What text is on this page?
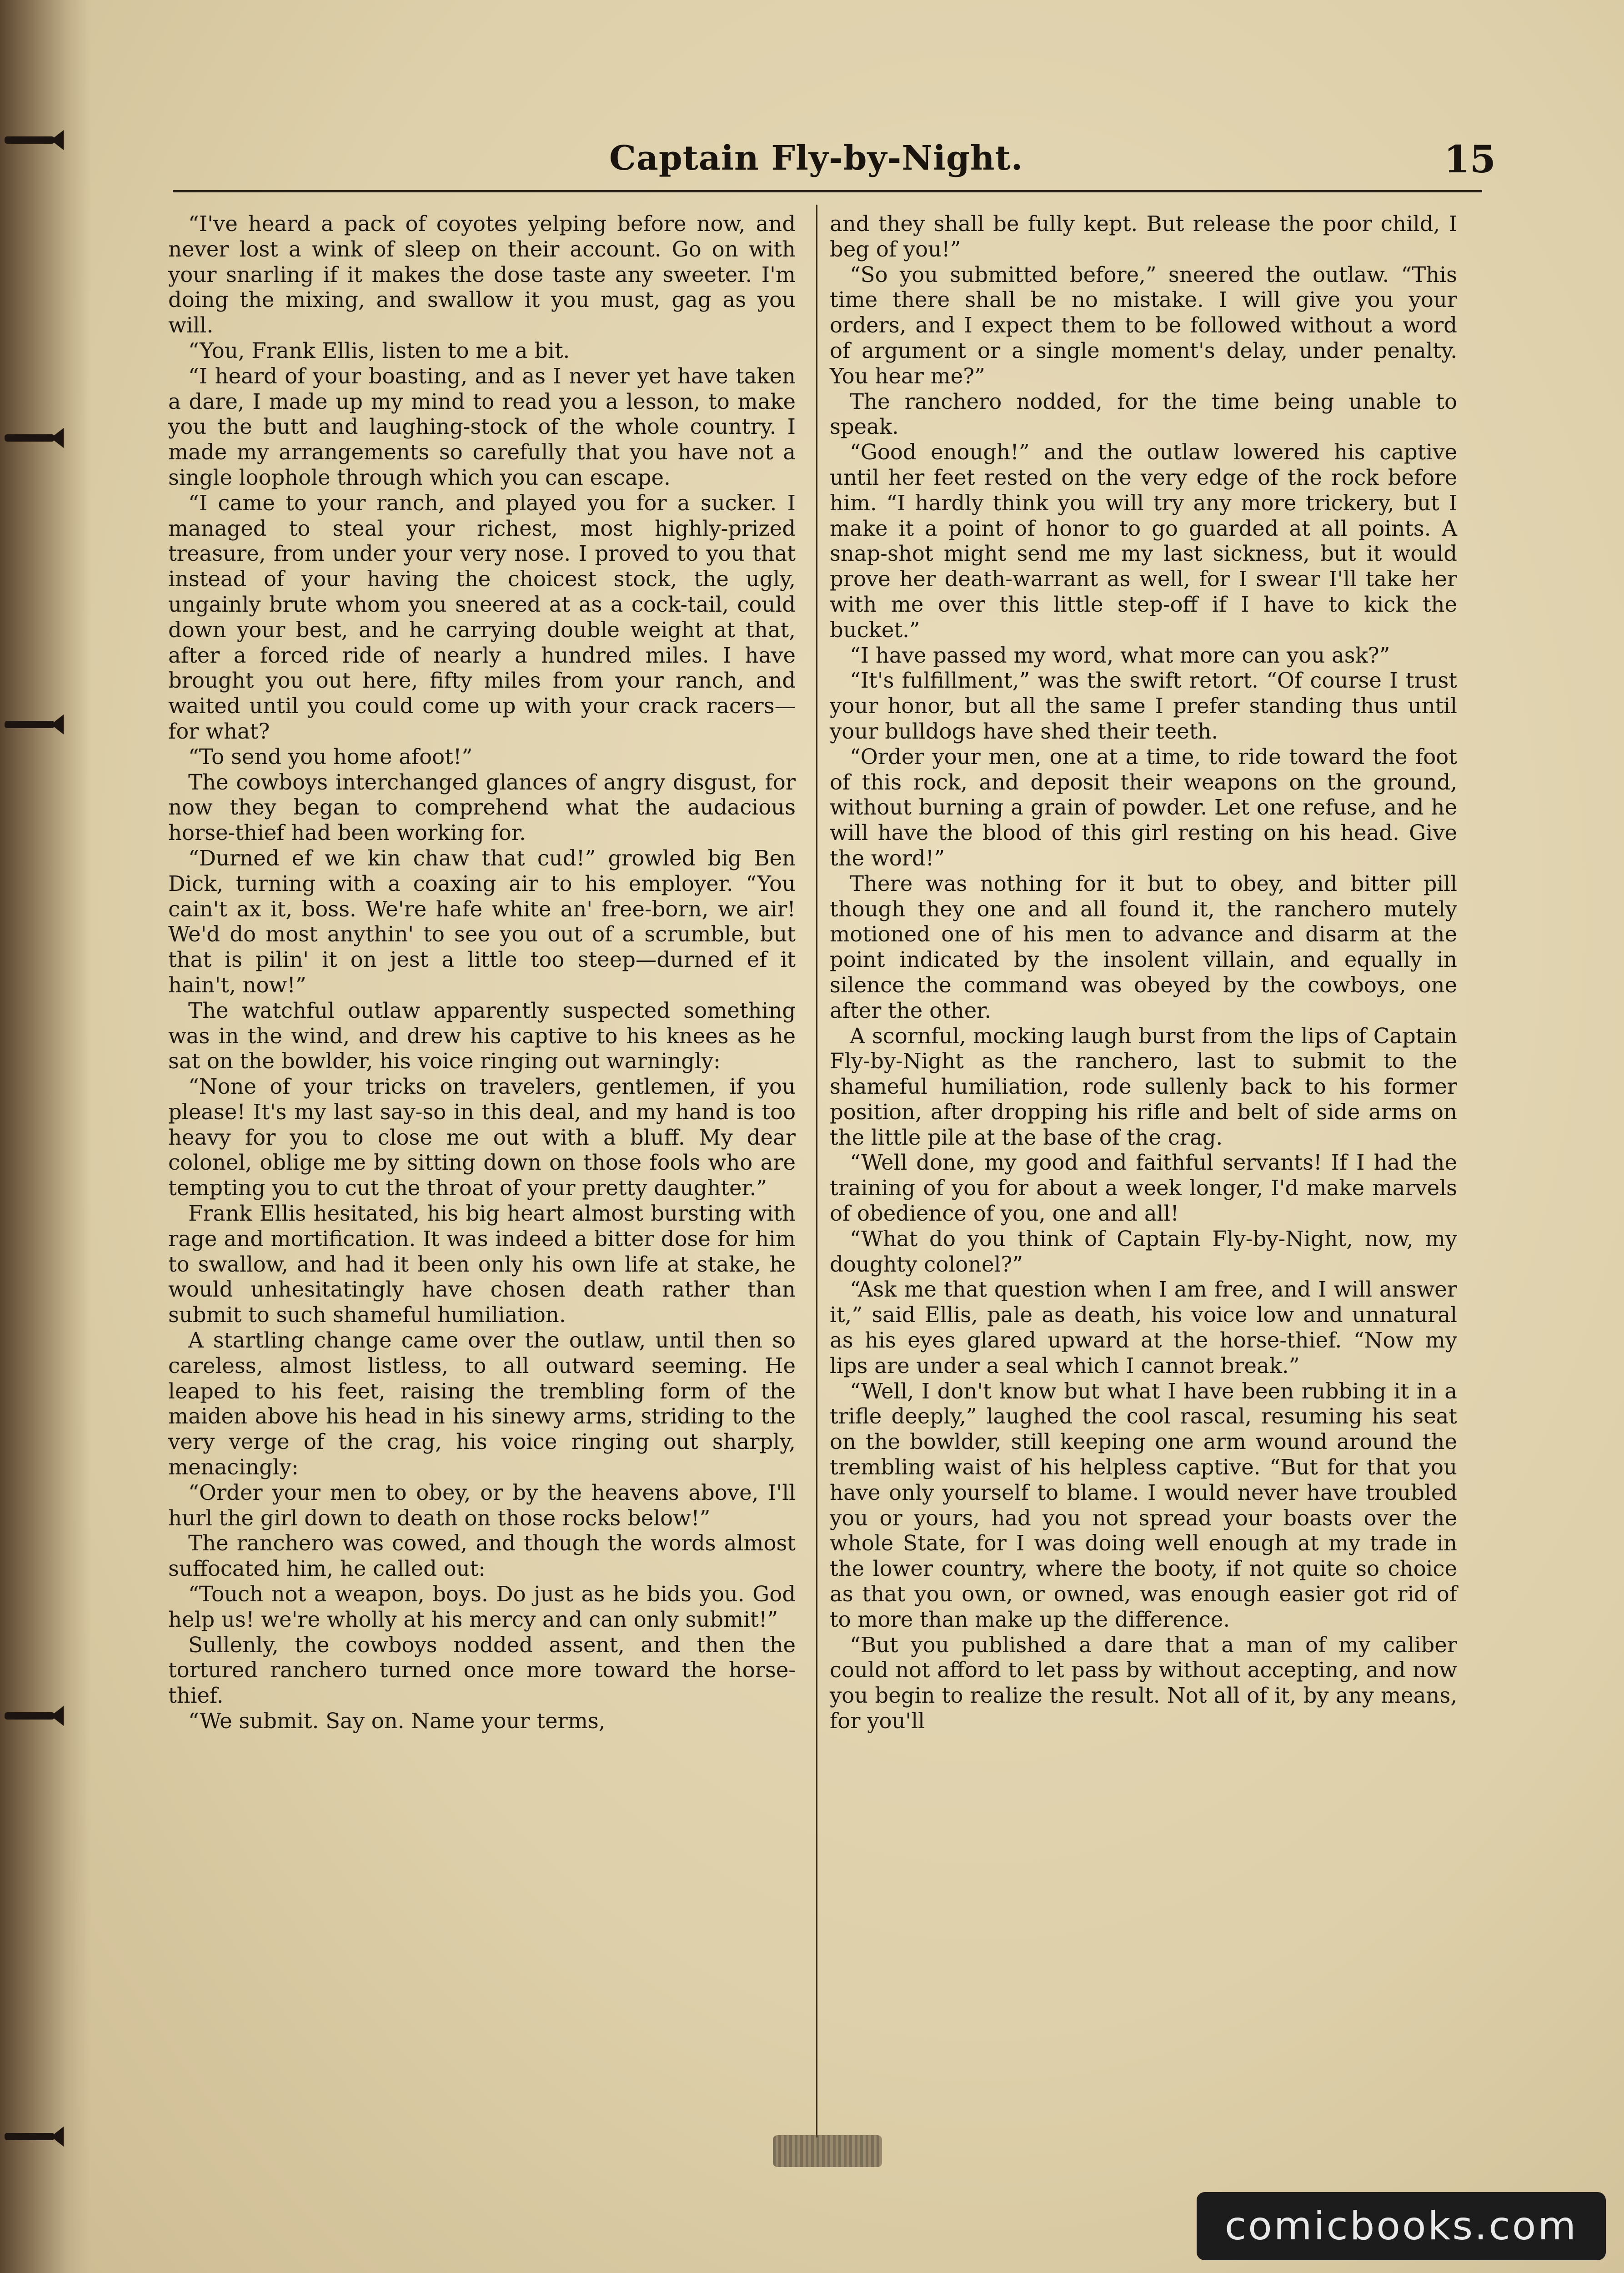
Captain Fly-by-Night.	15

“I've heard a pack of coyotes yelping before now, and never lost a wink of sleep on their account. Go on with your snarling if it makes the dose taste any sweeter. I'm doing the mixing, and swallow it you must, gag as you will.

“You, Frank Ellis, listen to me a bit.

“I heard of your boasting, and as I never yet have taken a dare, I made up my mind to read you a lesson, to make you the butt and laughing-stock of the whole country. I made my arrangements so carefully that you have not a single loophole through which you can escape.

“I came to your ranch, and played you for a sucker. I managed to steal your richest, most highly-prized treasure, from under your very nose. I proved to you that instead of your having the choicest stock, the ugly, ungainly brute whom you sneered at as a cock-tail, could down your best, and he carrying double weight at that, after a forced ride of nearly a hundred miles. I have brought you out here, fifty miles from your ranch, and waited until you could come up with your crack racers—for what?

“To send you home afoot!”

The cowboys interchanged glances of angry disgust, for now they began to comprehend what the audacious horse-thief had been working for.

“Durned ef we kin chaw that cud!” growled big Ben Dick, turning with a coaxing air to his employer. “You cain't ax it, boss. We're hafe white an' free-born, we air! We'd do most anythin' to see you out of a scrumble, but that is pilin' it on jest a little too steep—durned ef it hain't, now!”

The watchful outlaw apparently suspected something was in the wind, and drew his captive to his knees as he sat on the bowlder, his voice ringing out warningly:

“None of your tricks on travelers, gentlemen, if you please! It's my last say-so in this deal, and my hand is too heavy for you to close me out with a bluff. My dear colonel, oblige me by sitting down on those fools who are tempting you to cut the throat of your pretty daughter.”

Frank Ellis hesitated, his big heart almost bursting with rage and mortification. It was indeed a bitter dose for him to swallow, and had it been only his own life at stake, he would unhesitatingly have chosen death rather than submit to such shameful humiliation.

A startling change came over the outlaw, until then so careless, almost listless, to all outward seeming. He leaped to his feet, raising the trembling form of the maiden above his head in his sinewy arms, striding to the very verge of the crag, his voice ringing out sharply, menacingly:

“Order your men to obey, or by the heavens above, I'll hurl the girl down to death on those rocks below!”

The ranchero was cowed, and though the words almost suffocated him, he called out:

“Touch not a weapon, boys. Do just as he bids you. God help us! we're wholly at his mercy and can only submit!”

Sullenly, the cowboys nodded assent, and then the tortured ranchero turned once more toward the horse-thief.

“We submit. Say on. Name your terms,

and they shall be fully kept. But release the poor child, I beg of you!”

“So you submitted before,” sneered the outlaw. “This time there shall be no mistake. I will give you your orders, and I expect them to be followed without a word of argument or a single moment's delay, under penalty. You hear me?”

The ranchero nodded, for the time being unable to speak.

“Good enough!” and the outlaw lowered his captive until her feet rested on the very edge of the rock before him. “I hardly think you will try any more trickery, but I make it a point of honor to go guarded at all points. A snap-shot might send me my last sickness, but it would prove her death-warrant as well, for I swear I'll take her with me over this little step-off if I have to kick the bucket.”

“I have passed my word, what more can you ask?”

“It's fulfillment,” was the swift retort. “Of course I trust your honor, but all the same I prefer standing thus until your bulldogs have shed their teeth.

“Order your men, one at a time, to ride toward the foot of this rock, and deposit their weapons on the ground, without burning a grain of powder. Let one refuse, and he will have the blood of this girl resting on his head. Give the word!”

There was nothing for it but to obey, and bitter pill though they one and all found it, the ranchero mutely motioned one of his men to advance and disarm at the point indicated by the insolent villain, and equally in silence the command was obeyed by the cowboys, one after the other.

A scornful, mocking laugh burst from the lips of Captain Fly-by-Night as the ranchero, last to submit to the shameful humiliation, rode sullenly back to his former position, after dropping his rifle and belt of side arms on the little pile at the base of the crag.

“Well done, my good and faithful servants! If I had the training of you for about a week longer, I'd make marvels of obedience of you, one and all!

“What do you think of Captain Fly-by-Night, now, my doughty colonel?”

“Ask me that question when I am free, and I will answer it,” said Ellis, pale as death, his voice low and unnatural as his eyes glared upward at the horse-thief. “Now my lips are under a seal which I cannot break.”

“Well, I don't know but what I have been rubbing it in a trifle deeply,” laughed the cool rascal, resuming his seat on the bowlder, still keeping one arm wound around the trembling waist of his helpless captive. “But for that you have only yourself to blame. I would never have troubled you or yours, had you not spread your boasts over the whole State, for I was doing well enough at my trade in the lower country, where the booty, if not quite so choice as that you own, or owned, was enough easier got rid of to more than make up the difference.

“But you published a dare that a man of my caliber could not afford to let pass by without accepting, and now you begin to realize the result. Not all of it, by any means, for you'll

comicbooks.com
